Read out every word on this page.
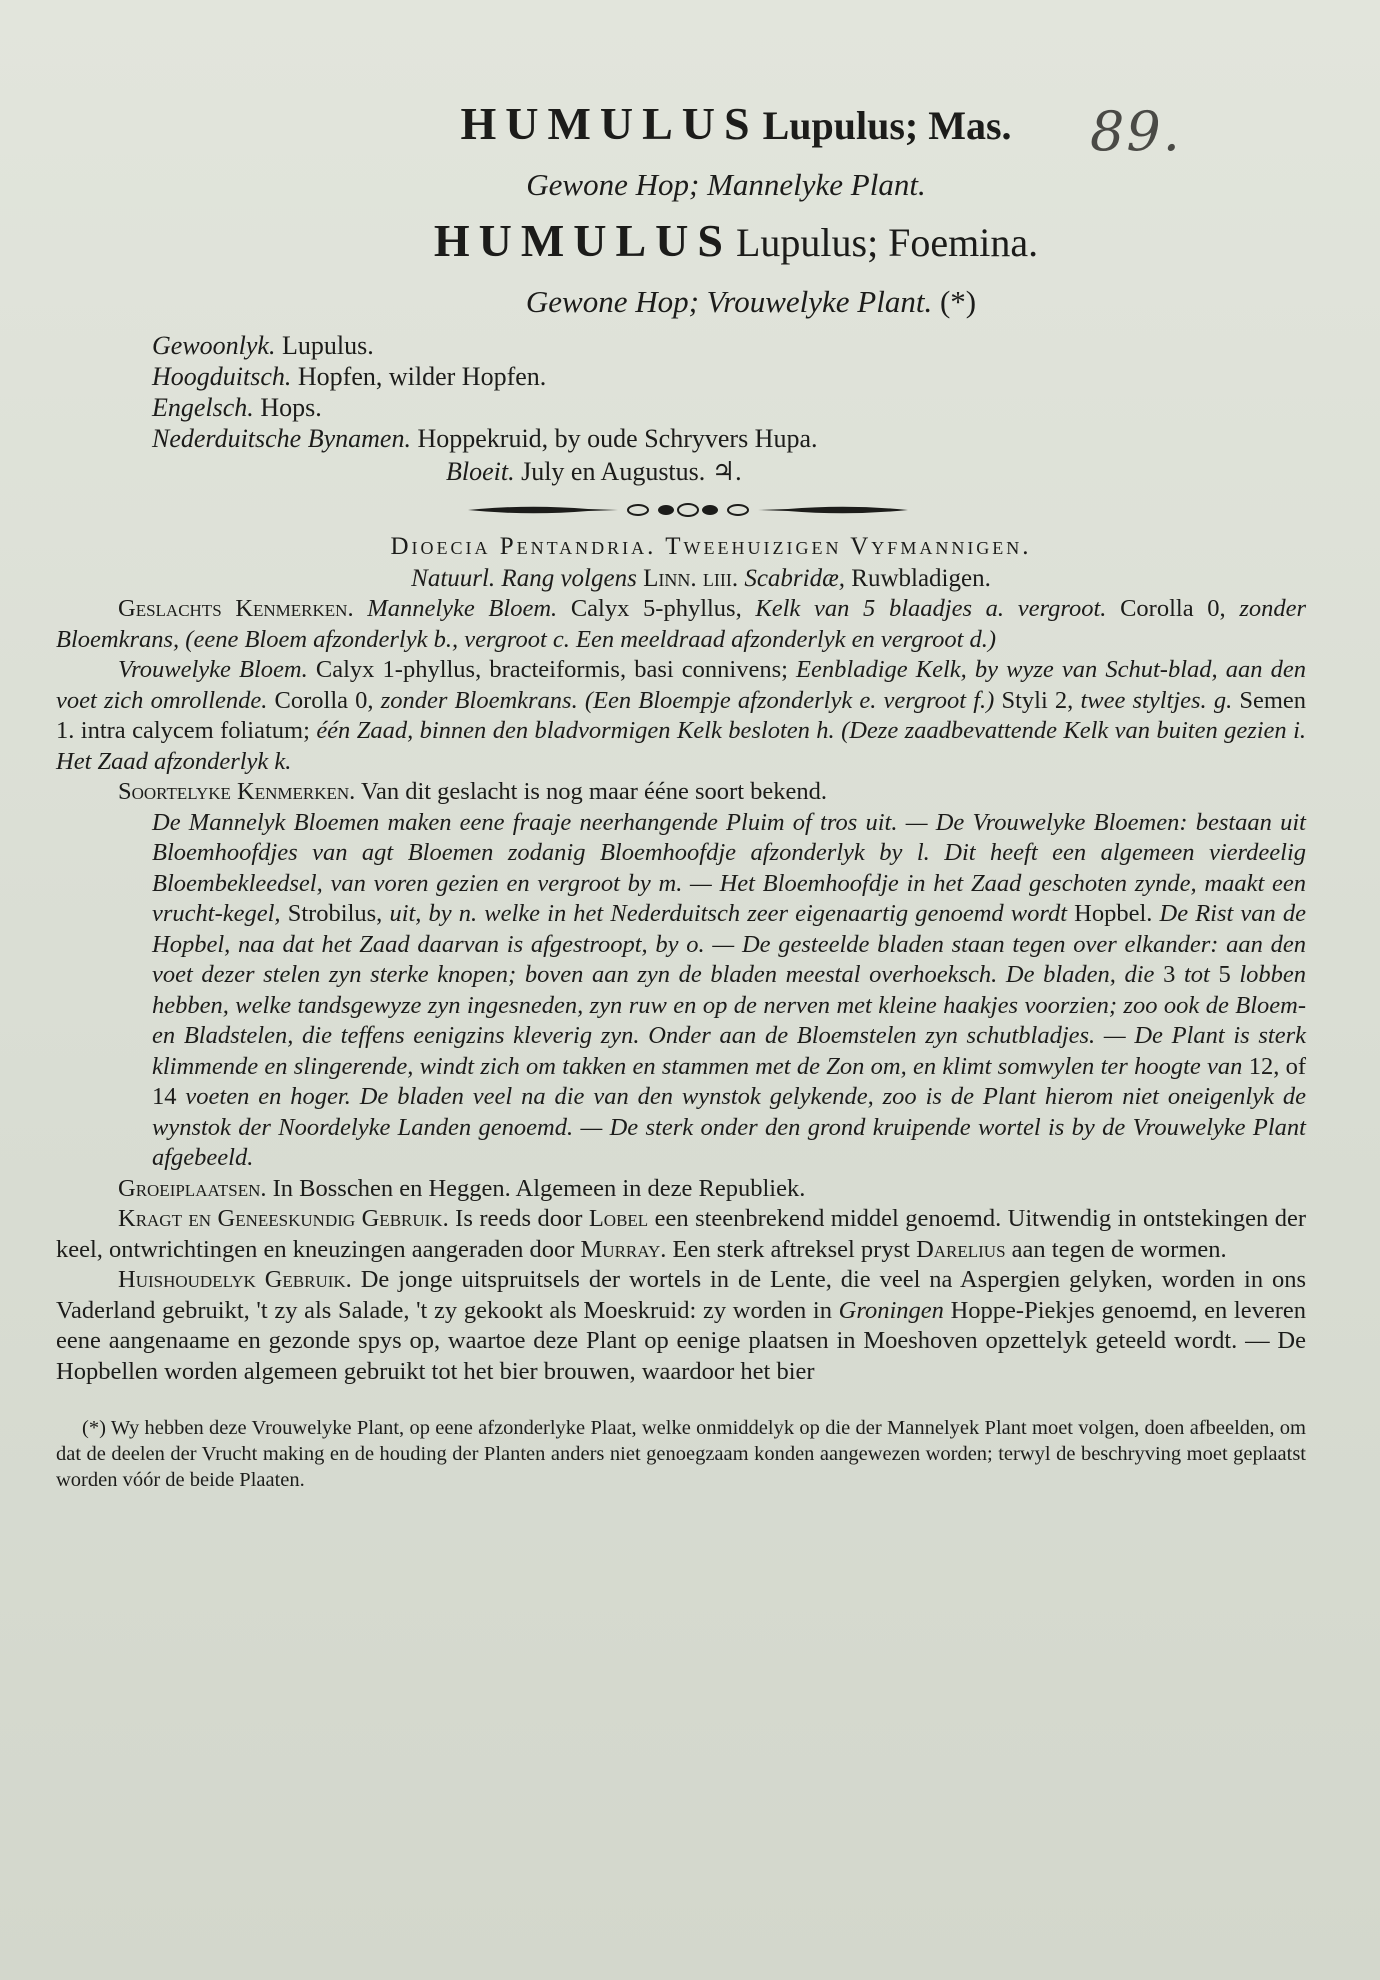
89.
HUMULUS Lupulus; Mas.
Gewone Hop; Mannelyke Plant.
HUMULUS Lupulus; Foemina.
Gewone Hop; Vrouwelyke Plant. (*)
Gewoonlyk. Lupulus.
Hoogduitsch. Hopfen, wilder Hopfen.
Engelsch. Hops.
Nederduitsche Bynamen. Hoppekruid, by oude Schryvers Hupa.
Bloeit. July en Augustus. ♃.
Dioecia Pentandria. Tweehuizigen Vyfmannigen.
Natuurl. Rang volgens Linn. liii. Scabridæ, Ruwbladigen.
Geslachts Kenmerken. Mannelyke Bloem. Calyx 5-phyllus, Kelk van 5 blaadjes a. vergroot. Corolla 0, zonder Bloemkrans, (eene Bloem afzonderlyk b., vergroot c. Een meeldraad afzonderlyk en vergroot d.)
Vrouwelyke Bloem. Calyx 1-phyllus, bracteiformis, basi connivens; Eenbladige Kelk, by wyze van Schut-blad, aan den voet zich omrollende. Corolla 0, zonder Bloemkrans. (Een Bloempje afzonderlyk e. vergroot f.) Styli 2, twee styltjes. g. Semen 1. intra calycem foliatum; één Zaad, binnen den bladvormigen Kelk besloten h. (Deze zaadbevattende Kelk van buiten gezien i. Het Zaad afzonderlyk k.
Soortelyke Kenmerken. Van dit geslacht is nog maar ééne soort bekend.
De Mannelyk Bloemen maken eene fraaje neerhangende Pluim of tros uit. — De Vrouwelyke Bloemen: bestaan uit Bloemhoofdjes van agt Bloemen zodanig Bloemhoofdje afzonderlyk by l. Dit heeft een algemeen vierdeelig Bloembekleedsel, van voren gezien en vergroot by m. — Het Bloemhoofdje in het Zaad geschoten zynde, maakt een vrucht-kegel, Strobilus, uit, by n. welke in het Nederduitsch zeer eigenaartig genoemd wordt Hopbel. De Rist van de Hopbel, naa dat het Zaad daarvan is afgestroopt, by o. — De gesteelde bladen staan tegen over elkander: aan den voet dezer stelen zyn sterke knopen; boven aan zyn de bladen meestal overhoeksch. De bladen, die 3 tot 5 lobben hebben, welke tandsgewyze zyn ingesneden, zyn ruw en op de nerven met kleine haakjes voorzien; zoo ook de Bloem- en Bladstelen, die teffens eenigzins kleverig zyn. Onder aan de Bloemstelen zyn schutbladjes. — De Plant is sterk klimmende en slingerende, windt zich om takken en stammen met de Zon om, en klimt somwylen ter hoogte van 12, of 14 voeten en hoger. De bladen veel na die van den wynstok gelykende, zoo is de Plant hierom niet oneigenlyk de wynstok der Noordelyke Landen genoemd. — De sterk onder den grond kruipende wortel is by de Vrouwelyke Plant afgebeeld.
Groeiplaatsen. In Bosschen en Heggen. Algemeen in deze Republiek.
Kragt en Geneeskundig Gebruik. Is reeds door Lobel een steenbrekend middel genoemd. Uitwendig in ontstekingen der keel, ontwrichtingen en kneuzingen aangeraden door Murray. Een sterk aftreksel pryst Darelius aan tegen de wormen.
Huishoudelyk Gebruik. De jonge uitspruitsels der wortels in de Lente, die veel na Aspergien gelyken, worden in ons Vaderland gebruikt, 't zy als Salade, 't zy gekookt als Moeskruid: zy worden in Groningen Hoppe-Piekjes genoemd, en leveren eene aangenaame en gezonde spys op, waartoe deze Plant op eenige plaatsen in Moeshoven opzettelyk geteeld wordt. — De Hopbellen worden algemeen gebruikt tot het bier brouwen, waardoor het bier
(*) Wy hebben deze Vrouwelyke Plant, op eene afzonderlyke Plaat, welke onmiddelyk op die der Mannelyek Plant moet volgen, doen afbeelden, om dat de deelen der Vrucht making en de houding der Planten anders niet genoegzaam konden aangewezen worden; terwyl de beschryving moet geplaatst worden vóór de beide Plaaten.
